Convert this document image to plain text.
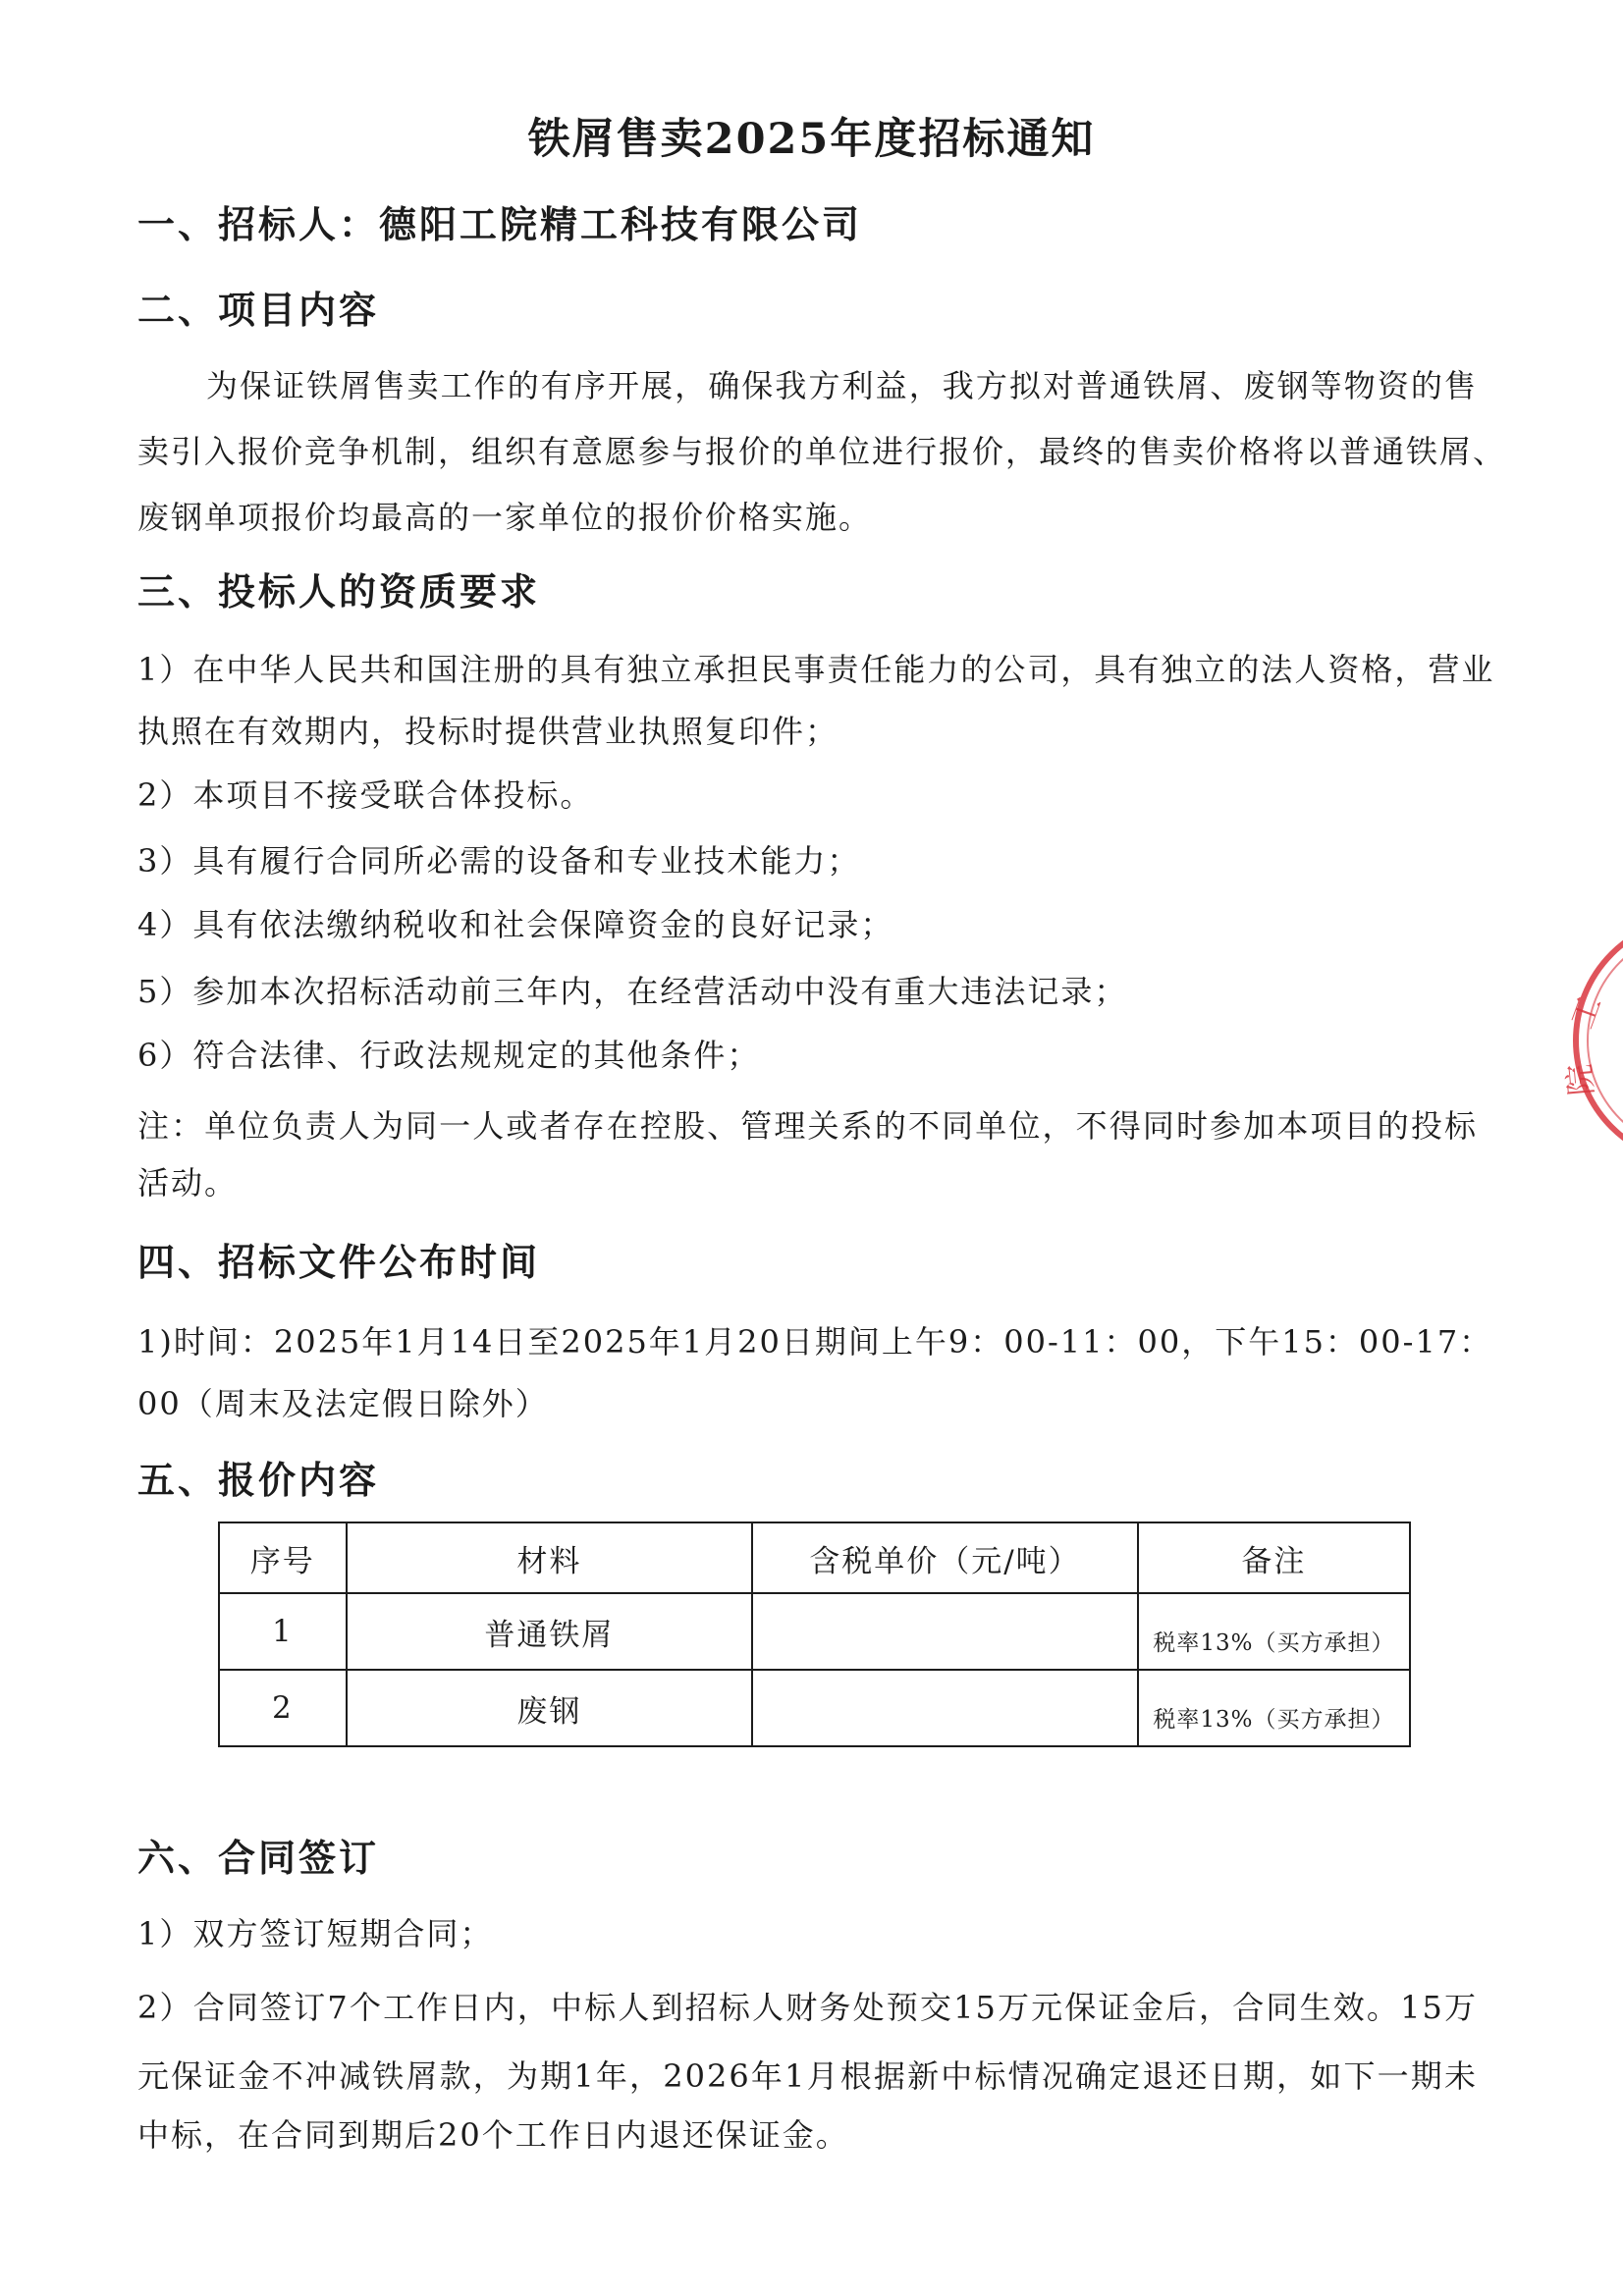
铁屑售卖2025年度招标通知
一、招标人：德阳工院精工科技有限公司
二、项目内容
为保证铁屑售卖工作的有序开展，确保我方利益，我方拟对普通铁屑、废钢等物资的售
卖引入报价竞争机制，组织有意愿参与报价的单位进行报价，最终的售卖价格将以普通铁屑、
废钢单项报价均最高的一家单位的报价价格实施。
三、投标人的资质要求
1）在中华人民共和国注册的具有独立承担民事责任能力的公司，具有独立的法人资格，营业
执照在有效期内，投标时提供营业执照复印件；
2）本项目不接受联合体投标。
3）具有履行合同所必需的设备和专业技术能力；
4）具有依法缴纳税收和社会保障资金的良好记录；
5）参加本次招标活动前三年内，在经营活动中没有重大违法记录；
6）符合法律、行政法规规定的其他条件；
注：单位负责人为同一人或者存在控股、管理关系的不同单位，不得同时参加本项目的投标
活动。
四、招标文件公布时间
1)时间：2025年1月14日至2025年1月20日期间上午9：00-11：00，下午15：00-17：
00（周末及法定假日除外）
五、报价内容
序号	材料	含税单价（元/吨）	备注
1	普通铁屑		税率13%（买方承担）
2	废钢		税率13%（买方承担）
六、合同签订
1）双方签订短期合同；
2）合同签订7个工作日内，中标人到招标人财务处预交15万元保证金后，合同生效。15万
元保证金不冲减铁屑款，为期1年，2026年1月根据新中标情况确定退还日期，如下一期未
中标，在合同到期后20个工作日内退还保证金。
工
院
